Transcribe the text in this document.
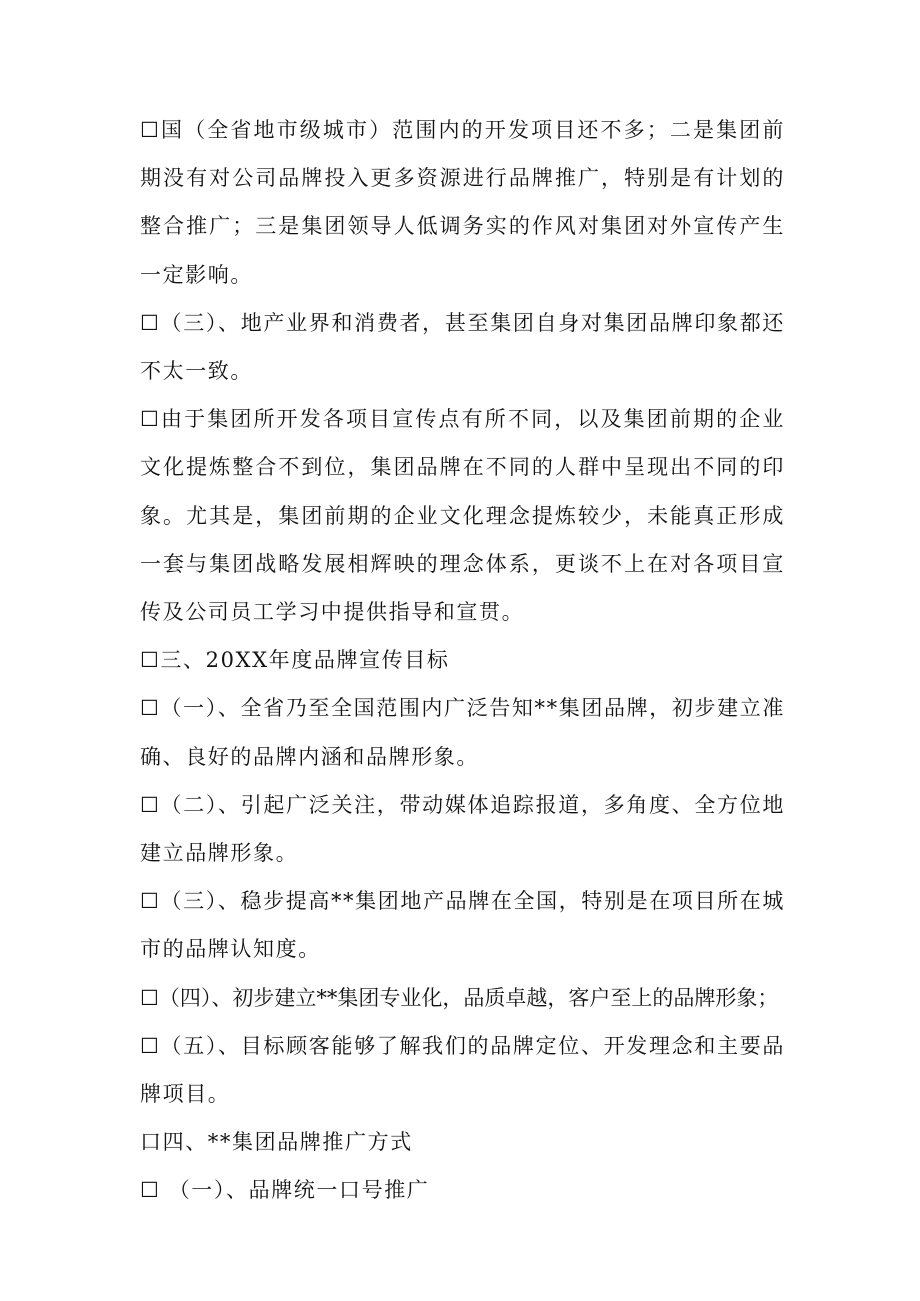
☐国（全省地市级城市）范围内的开发项目还不多；二是集团前期没有对公司品牌投入更多资源进行品牌推广，特别是有计划的整合推广；三是集团领导人低调务实的作风对集团对外宣传产生一定影响。

☐（三）、地产业界和消费者，甚至集团自身对集团品牌印象都还不太一致。

☐由于集团所开发各项目宣传点有所不同，以及集团前期的企业文化提炼整合不到位，集团品牌在不同的人群中呈现出不同的印象。尤其是，集团前期的企业文化理念提炼较少，未能真正形成一套与集团战略发展相辉映的理念体系，更谈不上在对各项目宣传及公司员工学习中提供指导和宣贯。

☐三、20XX年度品牌宣传目标

☐（一）、全省乃至全国范围内广泛告知**集团品牌，初步建立准确、良好的品牌内涵和品牌形象。

☐（二）、引起广泛关注，带动媒体追踪报道，多角度、全方位地建立品牌形象。

☐（三）、稳步提高**集团地产品牌在全国，特别是在项目所在城市的品牌认知度。

☐（四）、初步建立**集团专业化，品质卓越，客户至上的品牌形象；

☐（五）、目标顾客能够了解我们的品牌定位、开发理念和主要品牌项目。

口四、**集团品牌推广方式

☐ （一）、品牌统一口号推广
